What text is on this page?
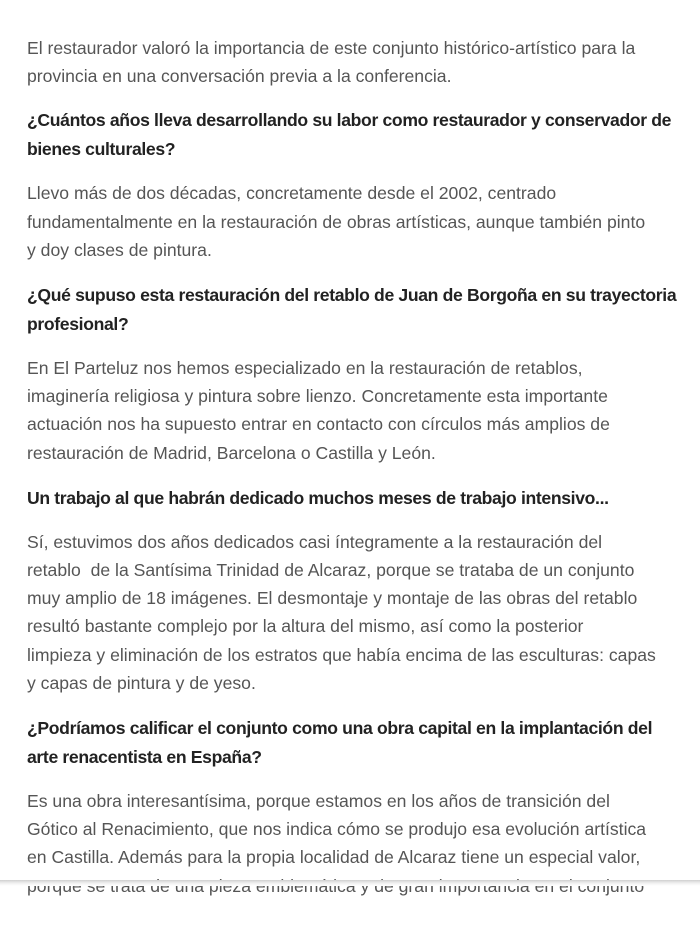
El restaurador valoró la importancia de este conjunto histórico-artístico para la
provincia en una conversación previa a la conferencia.

¿Cuántos años lleva desarrollando su labor como restaurador y conservador de
bienes culturales?

Llevo más de dos décadas, concretamente desde el 2002, centrado
fundamentalmente en la restauración de obras artísticas, aunque también pinto
y doy clases de pintura.

¿Qué supuso esta restauración del retablo de Juan de Borgoña en su trayectoria
profesional?

En El Parteluz nos hemos especializado en la restauración de retablos,
imaginería religiosa y pintura sobre lienzo. Concretamente esta importante
actuación nos ha supuesto entrar en contacto con círculos más amplios de
restauración de Madrid, Barcelona o Castilla y León.

Un trabajo al que habrán dedicado muchos meses de trabajo intensivo...

Sí, estuvimos dos años dedicados casi íntegramente a la restauración del
retablo  de la Santísima Trinidad de Alcaraz, porque se trataba de un conjunto
muy amplio de 18 imágenes. El desmontaje y montaje de las obras del retablo
resultó bastante complejo por la altura del mismo, así como la posterior
limpieza y eliminación de los estratos que había encima de las esculturas: capas
y capas de pintura y de yeso.

¿Podríamos calificar el conjunto como una obra capital en la implantación del
arte renacentista en España?

Es una obra interesantísima, porque estamos en los años de transición del
Gótico al Renacimiento, que nos indica cómo se produjo esa evolución artística
en Castilla. Además para la propia localidad de Alcaraz tiene un especial valor,
